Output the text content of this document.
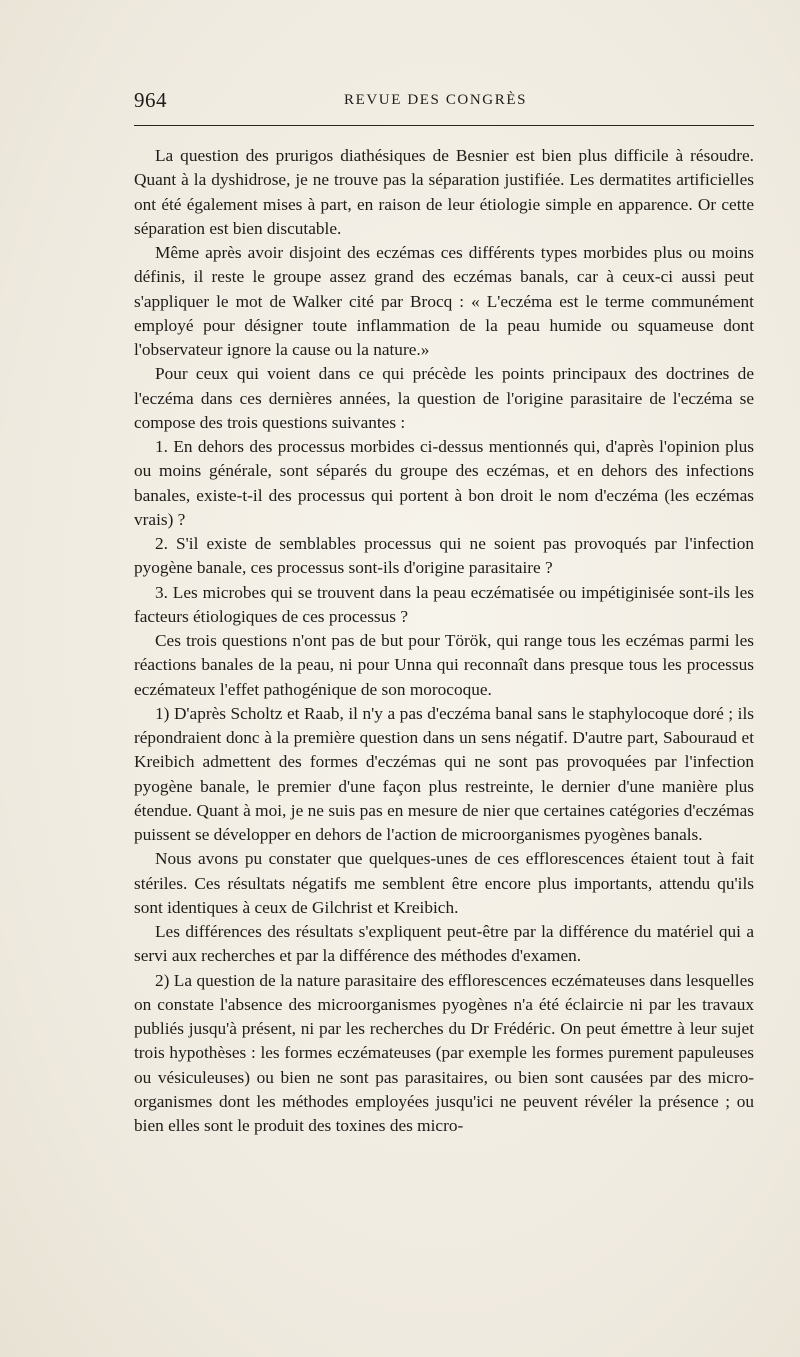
964	REVUE DES CONGRÈS

La question des prurigos diathésiques de Besnier est bien plus difficile à résoudre. Quant à la dyshidrose, je ne trouve pas la séparation justifiée. Les dermatites artificielles ont été également mises à part, en raison de leur étiologie simple en apparence. Or cette séparation est bien discutable.

Même après avoir disjoint des eczémas ces différents types morbides plus ou moins définis, il reste le groupe assez grand des eczémas banals, car à ceux-ci aussi peut s'appliquer le mot de Walker cité par Brocq : « L'eczéma est le terme communément employé pour désigner toute inflammation de la peau humide ou squameuse dont l'observateur ignore la cause ou la nature.»

Pour ceux qui voient dans ce qui précède les points principaux des doctrines de l'eczéma dans ces dernières années, la question de l'origine parasitaire de l'eczéma se compose des trois questions suivantes :

1. En dehors des processus morbides ci-dessus mentionnés qui, d'après l'opinion plus ou moins générale, sont séparés du groupe des eczémas, et en dehors des infections banales, existe-t-il des processus qui portent à bon droit le nom d'eczéma (les eczémas vrais) ?

2. S'il existe de semblables processus qui ne soient pas provoqués par l'infection pyogène banale, ces processus sont-ils d'origine parasitaire ?

3. Les microbes qui se trouvent dans la peau eczématisée ou impétiginisée sont-ils les facteurs étiologiques de ces processus ?

Ces trois questions n'ont pas de but pour Török, qui range tous les eczémas parmi les réactions banales de la peau, ni pour Unna qui reconnaît dans presque tous les processus eczémateux l'effet pathogénique de son morocoque.

1) D'après Scholtz et Raab, il n'y a pas d'eczéma banal sans le staphylocoque doré ; ils répondraient donc à la première question dans un sens négatif. D'autre part, Sabouraud et Kreibich admettent des formes d'eczémas qui ne sont pas provoquées par l'infection pyogène banale, le premier d'une façon plus restreinte, le dernier d'une manière plus étendue. Quant à moi, je ne suis pas en mesure de nier que certaines catégories d'eczémas puissent se développer en dehors de l'action de microorganismes pyogènes banals.

Nous avons pu constater que quelques-unes de ces efflorescences étaient tout à fait stériles. Ces résultats négatifs me semblent être encore plus importants, attendu qu'ils sont identiques à ceux de Gilchrist et Kreibich.

Les différences des résultats s'expliquent peut-être par la différence du matériel qui a servi aux recherches et par la différence des méthodes d'examen.

2) La question de la nature parasitaire des efflorescences eczémateuses dans lesquelles on constate l'absence des microorganismes pyogènes n'a été éclaircie ni par les travaux publiés jusqu'à présent, ni par les recherches du Dr Frédéric. On peut émettre à leur sujet trois hypothèses : les formes eczémateuses (par exemple les formes purement papuleuses ou vésiculeuses) ou bien ne sont pas parasitaires, ou bien sont causées par des micro-organismes dont les méthodes employées jusqu'ici ne peuvent révéler la présence ; ou bien elles sont le produit des toxines des micro-
